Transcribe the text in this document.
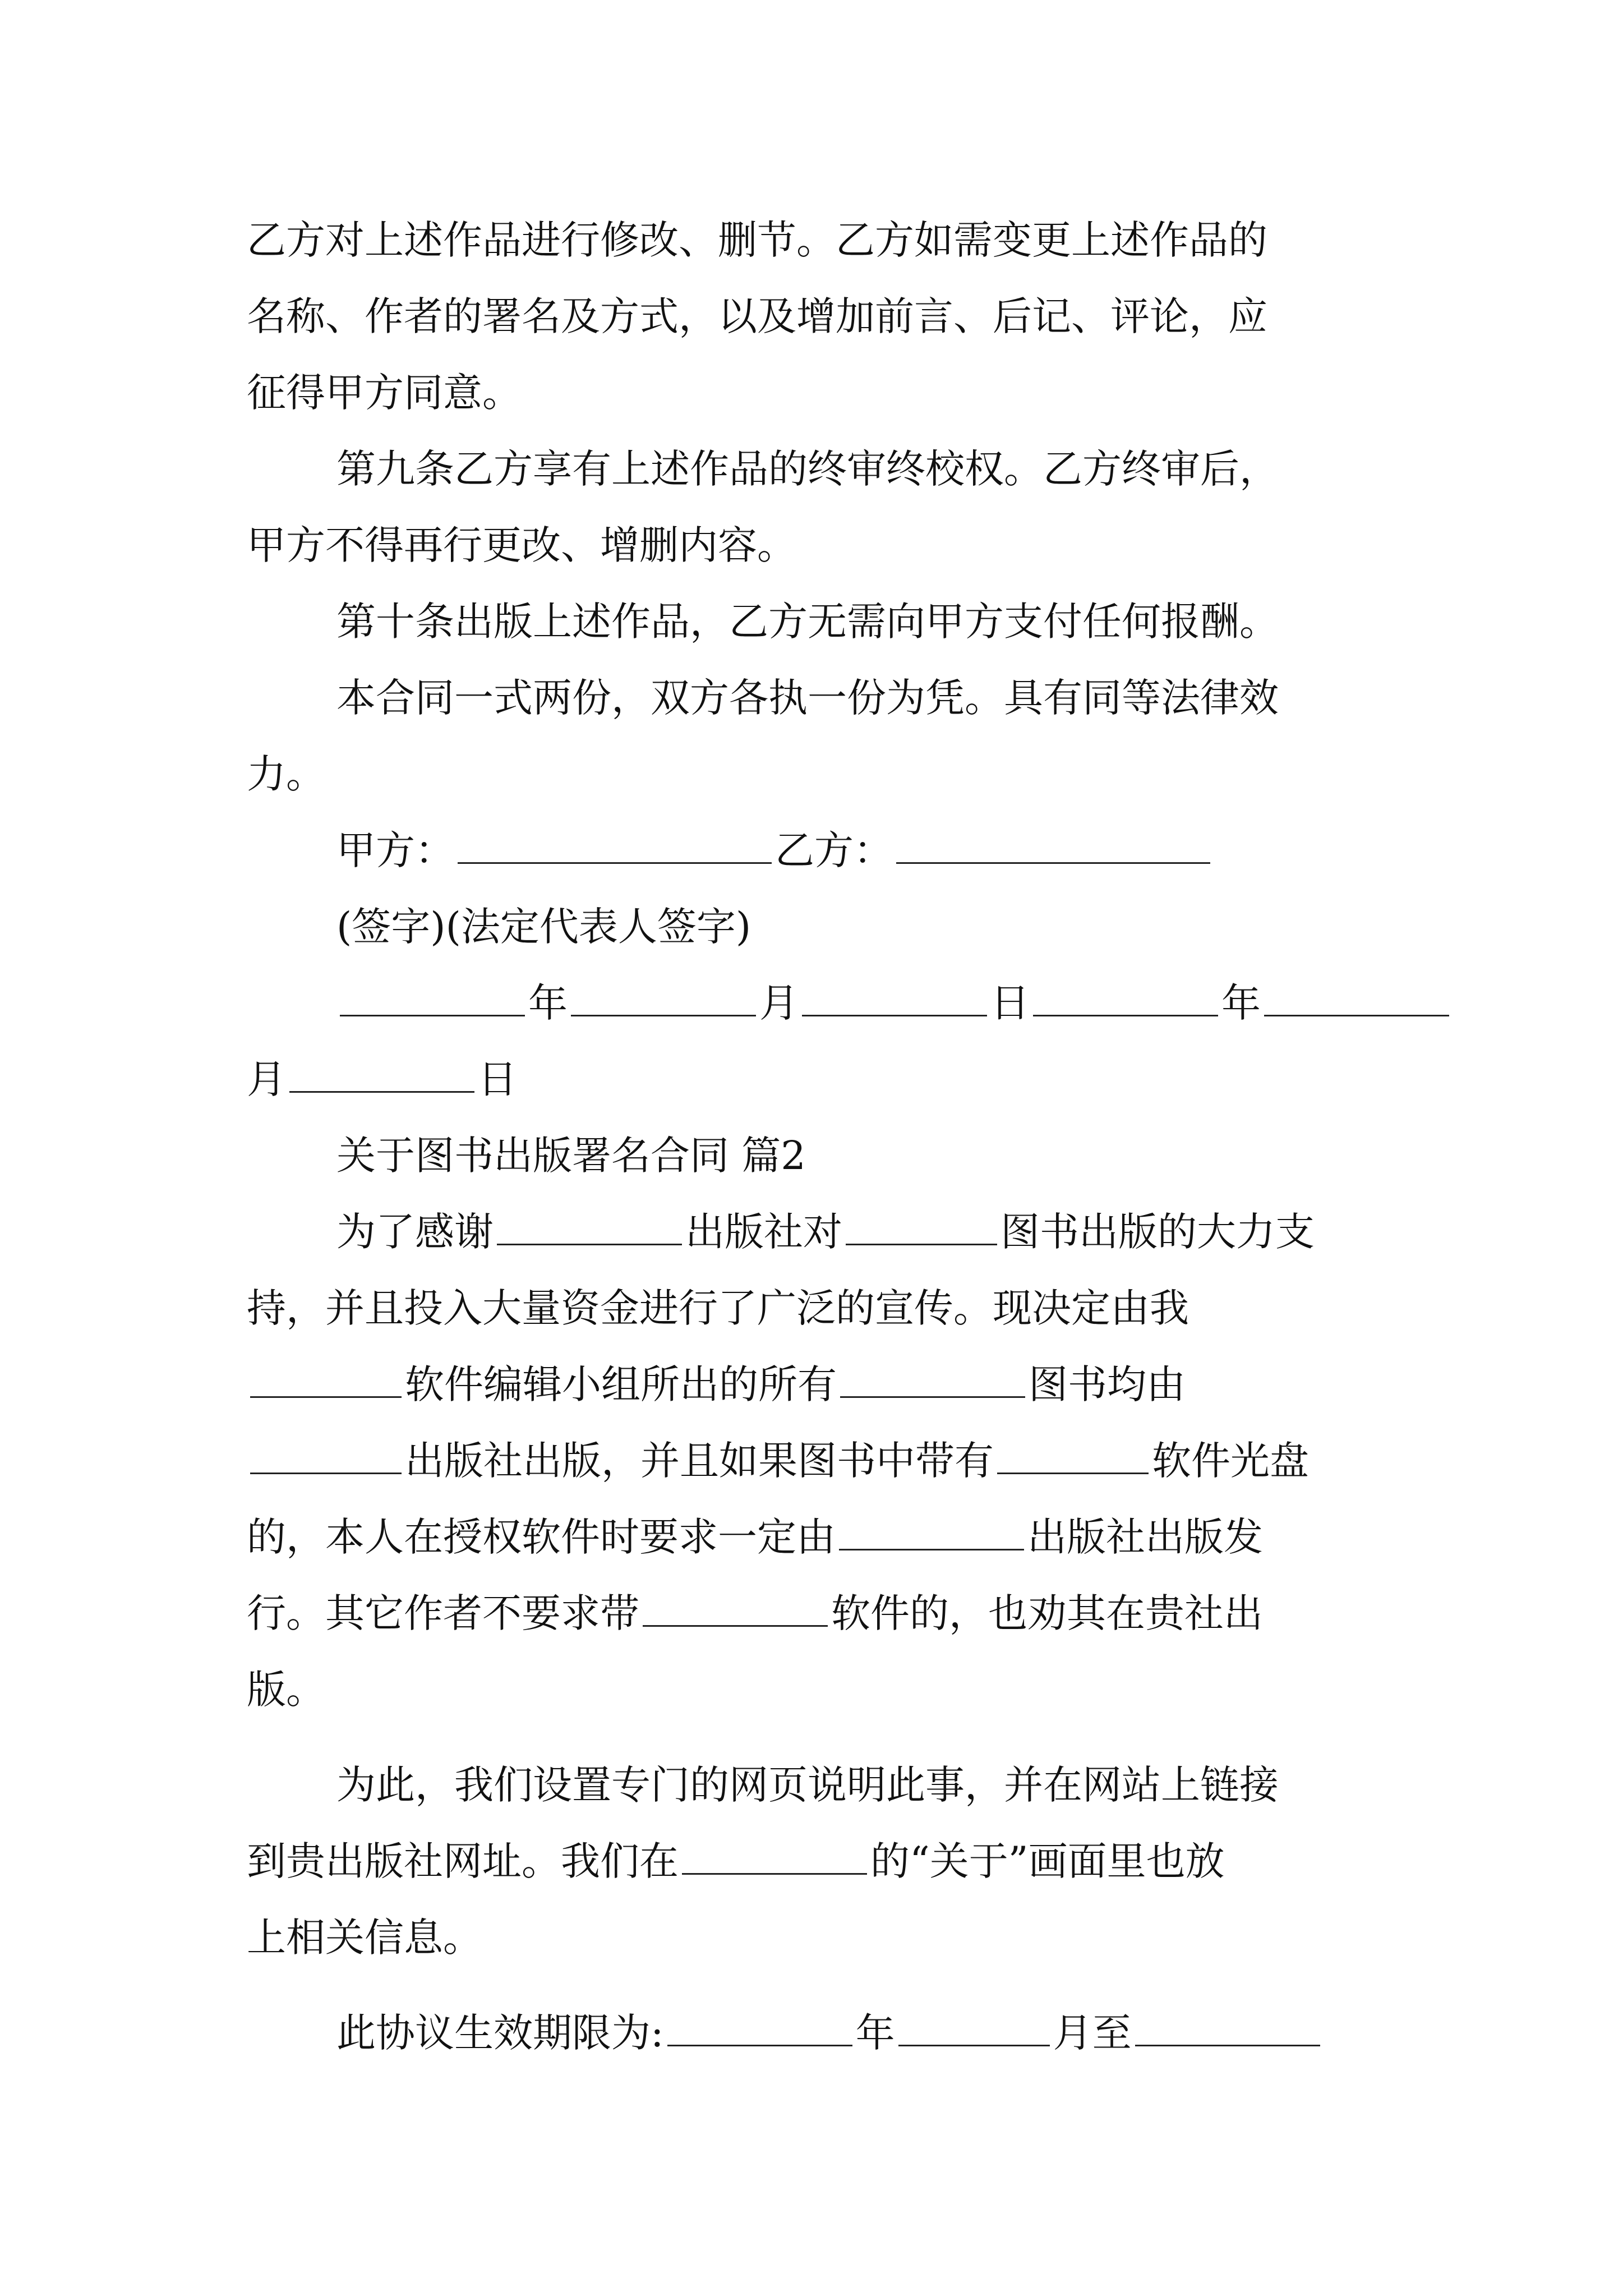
乙方对上述作品进行修改、删节。乙方如需变更上述作品的
名称、作者的署名及方式，以及增加前言、后记、评论，应
征得甲方同意。
第九条乙方享有上述作品的终审终校权。乙方终审后，
甲方不得再行更改、增删内容。
第十条出版上述作品，乙方无需向甲方支付任何报酬。
本合同一式两份，双方各执一份为凭。具有同等法律效
力。
甲方：	乙方：
(签字)(法定代表人签字)
年	月	日	年
月	日
关于图书出版署名合同 篇2
为了感谢	出版社对	图书出版的大力支
持，并且投入大量资金进行了广泛的宣传。现决定由我
软件编辑小组所出的所有	图书均由
出版社出版，并且如果图书中带有	软件光盘
的，本人在授权软件时要求一定由	出版社出版发
行。其它作者不要求带	软件的，也劝其在贵社出
版。
为此，我们设置专门的网页说明此事，并在网站上链接
到贵出版社网址。我们在	的“关于”画面里也放
上相关信息。
此协议生效期限为:	年	月至
